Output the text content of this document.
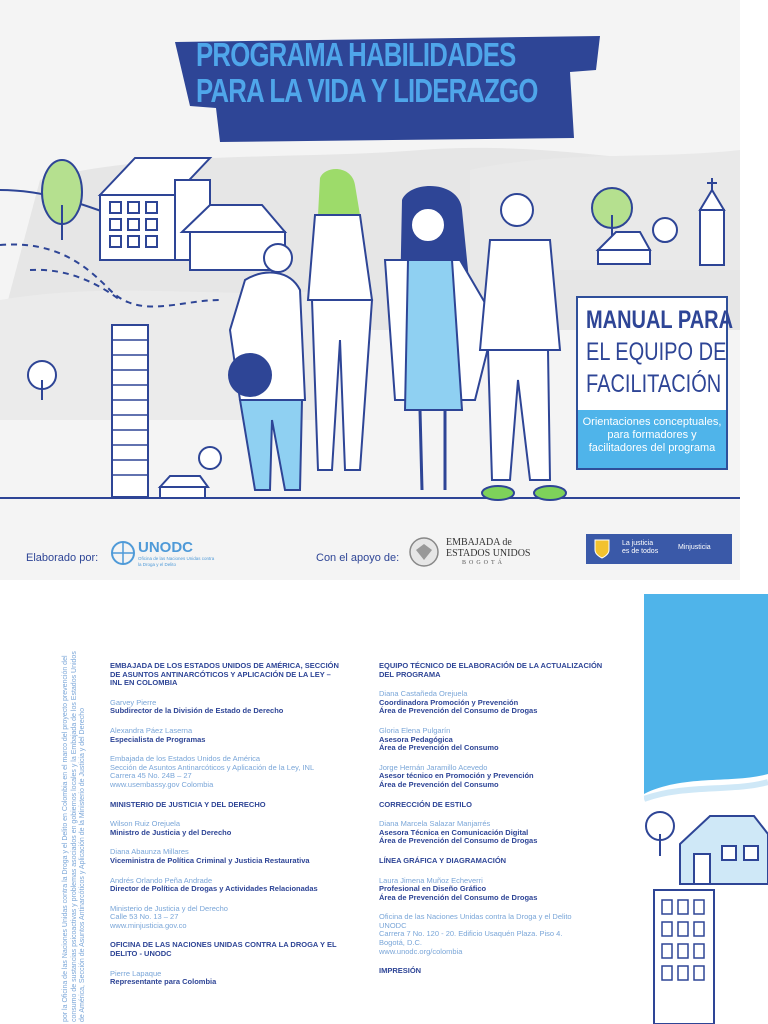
PROGRAMA HABILIDADES
PARA LA VIDA Y LIDERAZGO
MANUAL PARA
EL EQUIPO DE
FACILITACIÓN
Orientaciones conceptuales, para formadores y facilitadores del programa
Elaborado por:
UNODC
Oficina de las Naciones Unidas contra la Droga y el Delito	Con el apoyo de:
EMBAJADA de
ESTADOS UNIDOS
BOGOTÁ
La justicia
es de todos
Minjusticia
por la Oficina de las Naciones Unidas contra la Droga y el Delito en Colombia en el marco del proyecto prevención del consumo de sustancias psicoactivas y problemas asociados en gobiernos locales y la Embajada de los Estados Unidos de América, Sección de Asuntos Antinarcóticos y Aplicación de la Ministerio de Justicia y del Derecho
EMBAJADA DE LOS ESTADOS UNIDOS DE AMÉRICA, SECCIÓN DE ASUNTOS ANTINARCÓTICOS Y APLICACIÓN DE LA LEY – INL EN COLOMBIA
Garvey Pierre
Subdirector de la División de Estado de Derecho
Alexandra Páez Laserna
Especialista de Programas
Embajada de los Estados Unidos de América
Sección de Asuntos Antinarcóticos y Aplicación de la Ley, INL
Carrera 45 No. 24B – 27
www.usembassy.gov Colombia
MINISTERIO DE JUSTICIA Y DEL DERECHO
Wilson Ruiz Orejuela
Ministro de Justicia y del Derecho
Diana Abaunza Millares
Viceministra de Política Criminal y Justicia Restaurativa
Andrés Orlando Peña Andrade
Director de Política de Drogas y Actividades Relacionadas
Ministerio de Justicia y del Derecho
Calle 53 No. 13 – 27
www.minjusticia.gov.co
OFICINA DE LAS NACIONES UNIDAS CONTRA LA DROGA Y EL DELITO - UNODC
Pierre Lapaque
Representante para Colombia
EQUIPO TÉCNICO DE ELABORACIÓN DE LA ACTUALIZACIÓN DEL PROGRAMA
Diana Castañeda Orejuela
Coordinadora Promoción y Prevención
Área de Prevención del Consumo de Drogas
Gloria Elena Pulgarín
Asesora Pedagógica
Área de Prevención del Consumo
Jorge Hernán Jaramillo Acevedo
Asesor técnico en Promoción y Prevención
Área de Prevención del Consumo
CORRECCIÓN DE ESTILO
Diana Marcela Salazar Manjarrés
Asesora Técnica en Comunicación Digital
Área de Prevención del Consumo de Drogas
LÍNEA GRÁFICA Y DIAGRAMACIÓN
Laura Jimena Muñoz Echeverri
Profesional en Diseño Gráfico
Área de Prevención del Consumo de Drogas
Oficina de las Naciones Unidas contra la Droga y el Delito
UNODC
Carrera 7 No. 120 - 20. Edificio Usaquén Plaza. Piso 4.
Bogotá, D.C.
www.unodc.org/colombia
IMPRESIÓN
